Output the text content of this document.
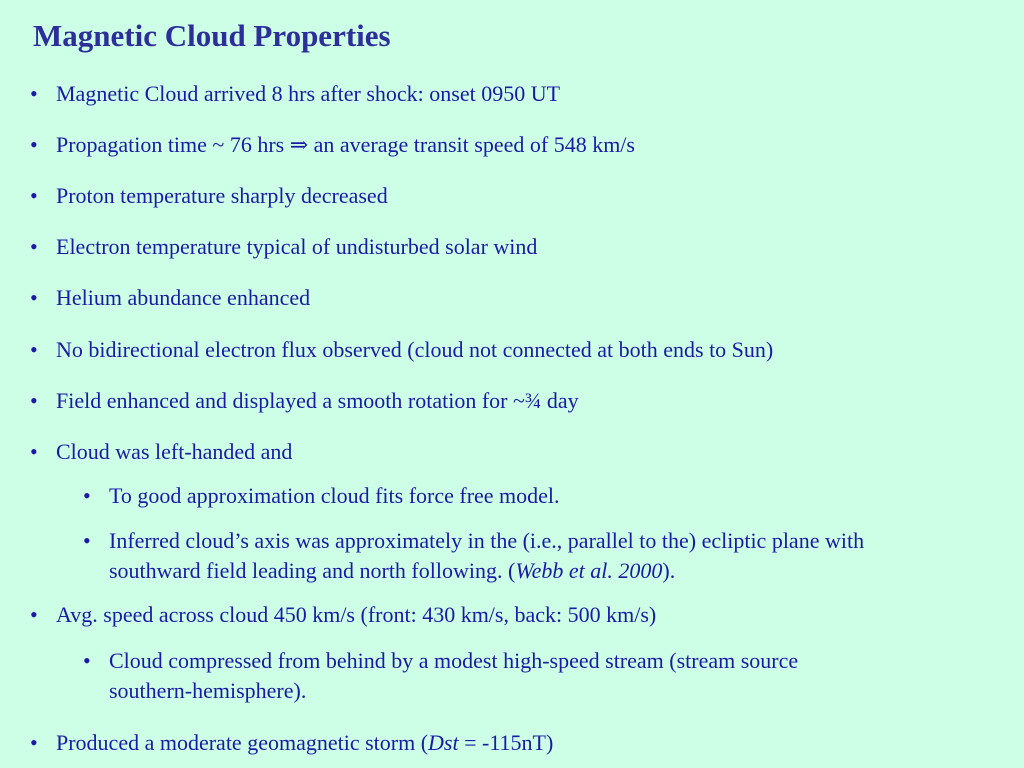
Magnetic Cloud Properties
• Magnetic Cloud arrived 8 hrs after shock: onset 0950 UT
• Propagation time ~ 76 hrs ⇒ an average transit speed of 548 km/s
• Proton temperature sharply decreased
• Electron temperature typical of undisturbed solar wind
• Helium abundance enhanced
• No bidirectional electron flux observed (cloud not connected at both ends to Sun)
• Field enhanced and displayed a smooth rotation for ~¾ day
• Cloud was left-handed and
• To good approximation cloud fits force free model.
• Inferred cloud’s axis was approximately in the (i.e., parallel to the) ecliptic plane with
southward field leading and north following. (Webb et al. 2000).
• Avg. speed across cloud 450 km/s (front: 430 km/s, back: 500 km/s)
• Cloud compressed from behind by a modest high-speed stream (stream source
southern-hemisphere).
• Produced a moderate geomagnetic storm (Dst = -115nT)
